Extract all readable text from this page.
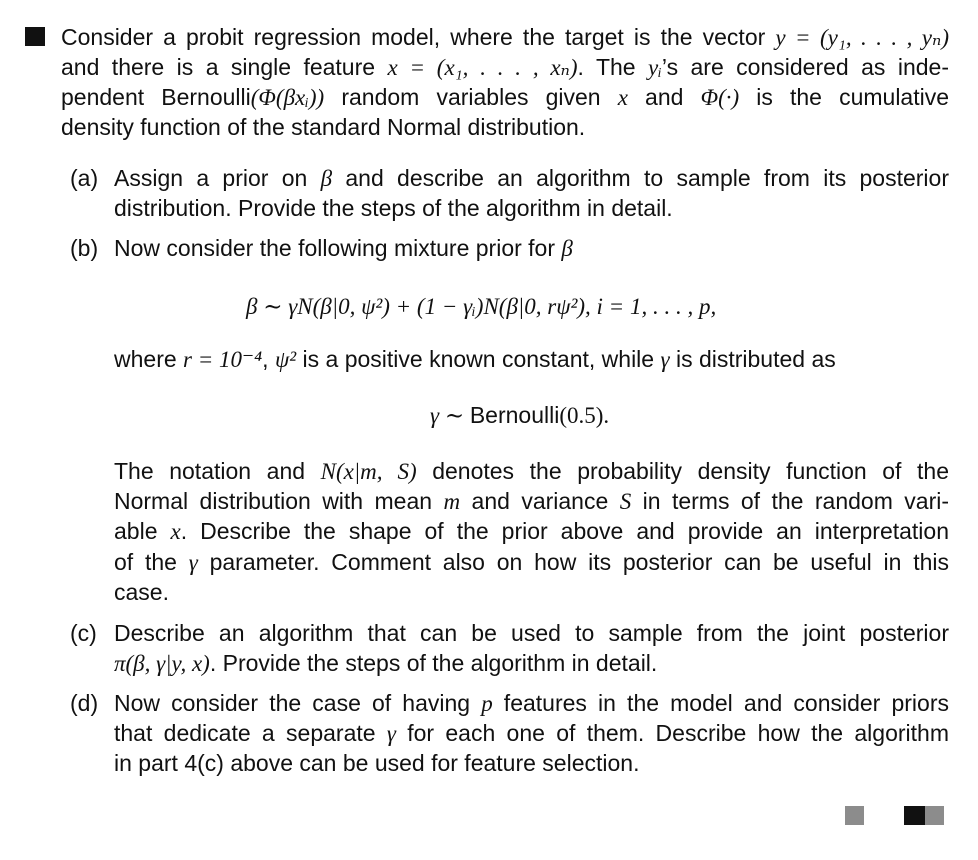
Consider a probit regression model, where the target is the vector y = (y₁, . . . , yₙ)
and there is a single feature x = (x₁, . . . , xₙ). The yᵢ’s are considered as inde-
pendent Bernoulli(Φ(βxᵢ)) random variables given x and Φ(·) is the cumulative
density function of the standard Normal distribution.
(a) Assign a prior on β and describe an algorithm to sample from its posterior
distribution. Provide the steps of the algorithm in detail.
(b) Now consider the following mixture prior for β
β ∼ γN(β|0, ψ²) + (1 − γᵢ)N(β|0, rψ²), i = 1, . . . , p,
where r = 10⁻⁴, ψ² is a positive known constant, while γ is distributed as
γ ∼ Bernoulli(0.5).
The notation and N(x|m, S) denotes the probability density function of the
Normal distribution with mean m and variance S in terms of the random vari-
able x. Describe the shape of the prior above and provide an interpretation
of the γ parameter. Comment also on how its posterior can be useful in this
case.
(c) Describe an algorithm that can be used to sample from the joint posterior
π(β, γ|y, x). Provide the steps of the algorithm in detail.
(d) Now consider the case of having p features in the model and consider priors
that dedicate a separate γ for each one of them. Describe how the algorithm
in part 4(c) above can be used for feature selection.
